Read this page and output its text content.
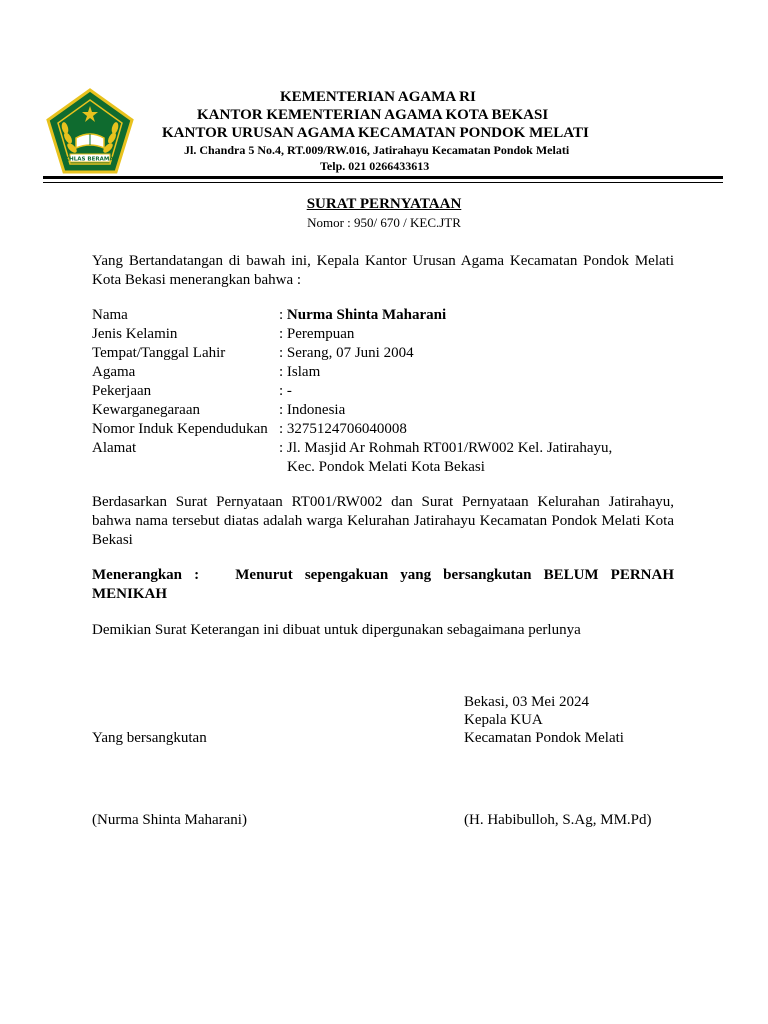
IKHLAS BERAMAL
KEMENTERIAN AGAMA RI
KANTOR KEMENTERIAN AGAMA KOTA BEKASI
KANTOR URUSAN AGAMA KECAMATAN PONDOK MELATI
Jl. Chandra 5 No.4, RT.009/RW.016, Jatirahayu Kecamatan Pondok Melati
Telp. 021 0266433613
SURAT PERNYATAAN
Nomor : 950/ 670 / KEC.JTR
Yang Bertandatangan di bawah ini, Kepala Kantor Urusan Agama Kecamatan Pondok Melati Kota Bekasi menerangkan bahwa :
Nama	: Nurma Shinta Maharani
Jenis Kelamin	: Perempuan
Tempat/Tanggal Lahir	: Serang, 07 Juni 2004
Agama	: Islam
Pekerjaan	: -
Kewarganegaraan	: Indonesia
Nomor Induk Kependudukan : 3275124706040008
Alamat	: Jl. Masjid Ar Rohmah RT001/RW002 Kel. Jatirahayu,
Kec. Pondok Melati Kota Bekasi
Berdasarkan Surat Pernyataan RT001/RW002 dan Surat Pernyataan Kelurahan Jatirahayu, bahwa nama tersebut diatas adalah warga Kelurahan Jatirahayu Kecamatan Pondok Melati Kota Bekasi
Menerangkan :   Menurut sepengakuan yang bersangkutan BELUM PERNAH MENIKAH
Demikian Surat Keterangan ini dibuat untuk dipergunakan sebagaimana perlunya
Bekasi, 03 Mei 2024
Kepala KUA
Yang bersangkutan	Kecamatan Pondok Melati
(Nurma Shinta Maharani)	(H. Habibulloh, S.Ag, MM.Pd)
